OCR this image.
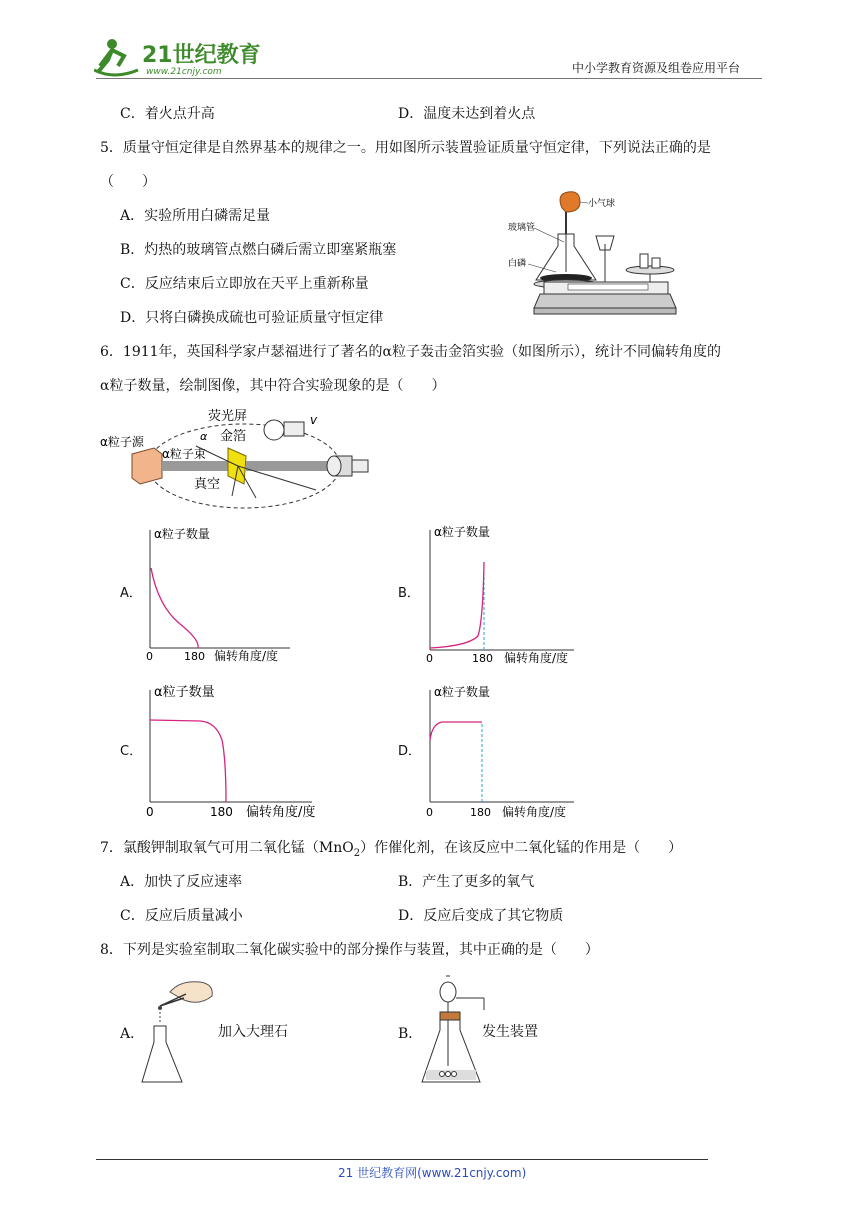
21世纪教育
www.21cnjy.com	中小学教育资源及组卷应用平台
C．着火点升高	D．温度未达到着火点
5．质量守恒定律是自然界基本的规律之一。用如图所示装置验证质量守恒定律，下列说法正确的是
（　　）
A．实验所用白磷需足量
B．灼热的玻璃管点燃白磷后需立即塞紧瓶塞
C．反应结束后立即放在天平上重新称量
D．只将白磷换成硫也可验证质量守恒定律
小气球
玻璃管
白磷
6．1911年，英国科学家卢瑟福进行了著名的α粒子轰击金箔实验（如图所示），统计不同偏转角度的
α粒子数量，绘制图像，其中符合实验现象的是（　　）
α粒子源
α粒子束
金箔
荧光屏	v
α
真空
A．	B．
C．	D．
α粒子数量
0	180 偏转角度/度
α粒子数量
0	180 偏转角度/度
α粒子数量
0	180 偏转角度/度
α粒子数量
0	180 偏转角度/度
7．氯酸钾制取氧气可用二氧化锰（MnO$_2$）作催化剂，在该反应中二氧化锰的作用是（　　）
A．加快了反应速率	B．产生了更多的氧气
C．反应后质量减小	D．反应后变成了其它物质
8．下列是实验室制取二氧化碳实验中的部分操作与装置，其中正确的是（　　）
A．	加入大理石	B．	发生装置
21 世纪教育网(www.21cnjy.com)
